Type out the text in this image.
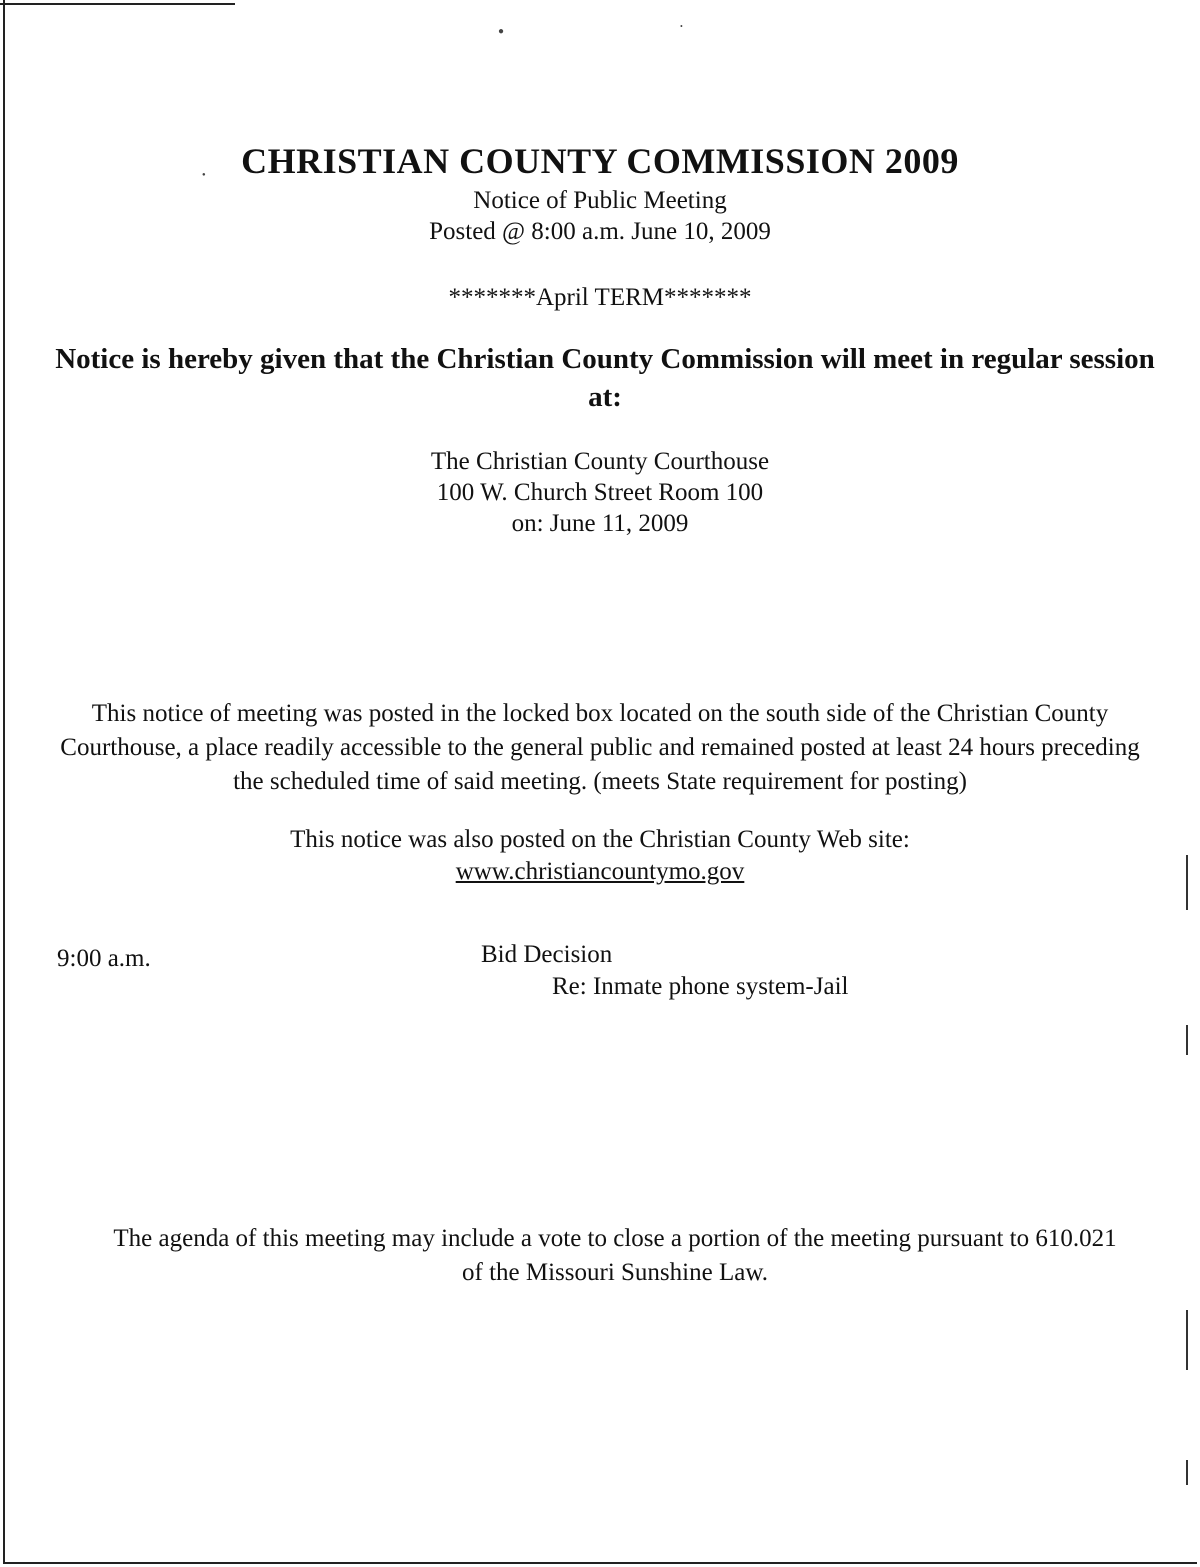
●	•
● CHRISTIAN COUNTY COMMISSION 2009
Notice of Public Meeting
Posted @ 8:00 a.m. June 10, 2009
*******April TERM*******
Notice is hereby given that the Christian County Commission will meet in regular session at:
The Christian County Courthouse
100 W. Church Street Room 100
on: June 11, 2009
This notice of meeting was posted in the locked box located on the south side of the Christian County Courthouse, a place readily accessible to the general public and remained posted at least 24 hours preceding the scheduled time of said meeting. (meets State requirement for posting)
This notice was also posted on the Christian County Web site:
www.christiancountymo.gov
9:00 a.m.	Bid Decision
Re: Inmate phone system-Jail
The agenda of this meeting may include a vote to close a portion of the meeting pursuant to 610.021 of the Missouri Sunshine Law.
